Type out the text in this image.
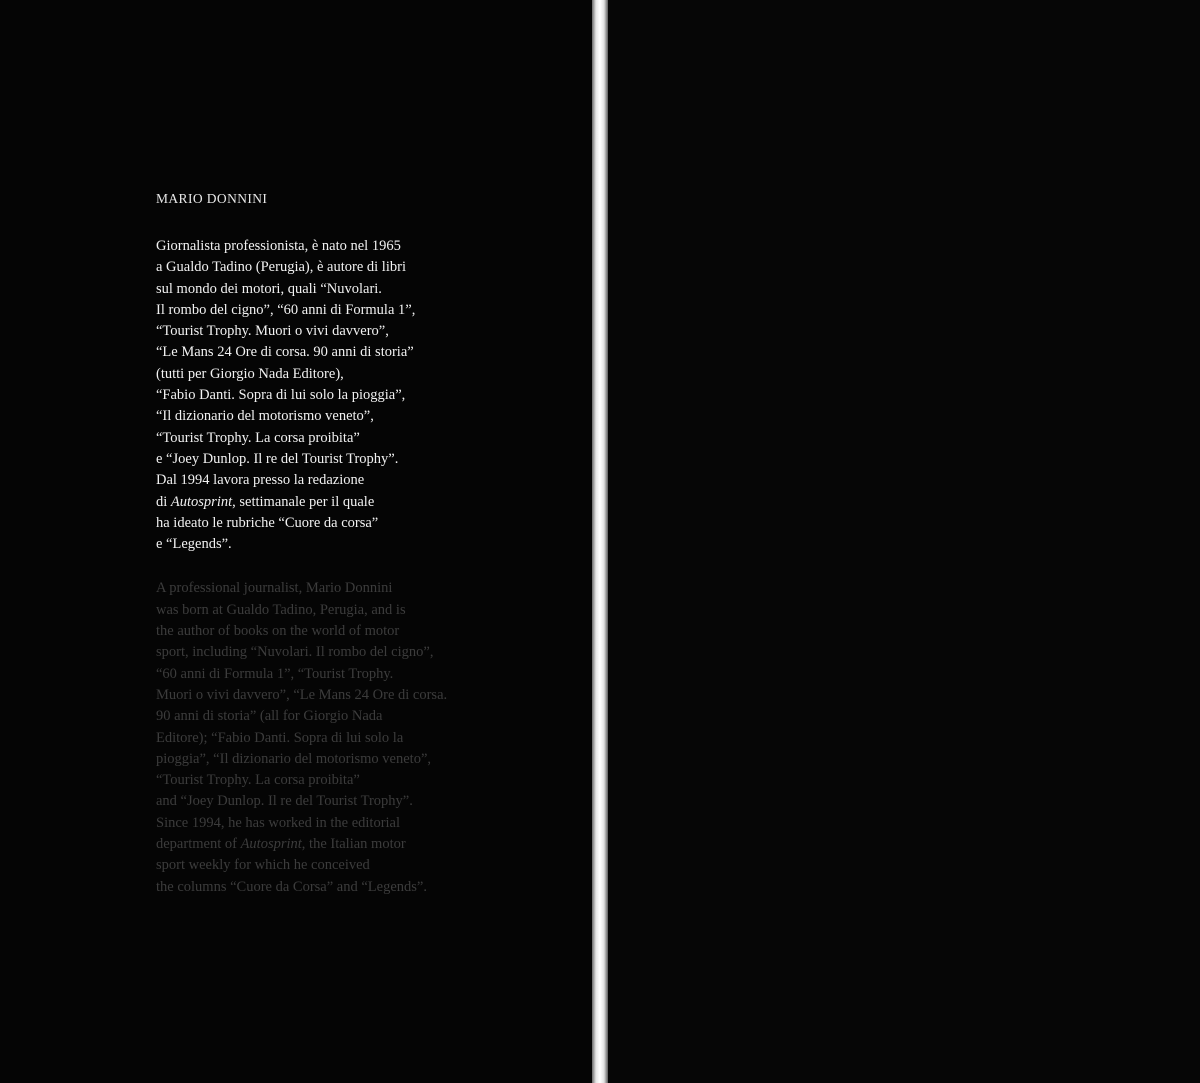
MARIO DONNINI

Giornalista professionista, è nato nel 1965
a Gualdo Tadino (Perugia), è autore di libri
sul mondo dei motori, quali “Nuvolari.
Il rombo del cigno”, “60 anni di Formula 1”,
“Tourist Trophy. Muori o vivi davvero”,
“Le Mans 24 Ore di corsa. 90 anni di storia”
(tutti per Giorgio Nada Editore),
“Fabio Danti. Sopra di lui solo la pioggia”,
“Il dizionario del motorismo veneto”,
“Tourist Trophy. La corsa proibita”
e “Joey Dunlop. Il re del Tourist Trophy”.
Dal 1994 lavora presso la redazione
di Autosprint, settimanale per il quale
ha ideato le rubriche “Cuore da corsa”
e “Legends”.

A professional journalist, Mario Donnini
was born at Gualdo Tadino, Perugia, and is
the author of books on the world of motor
sport, including “Nuvolari. Il rombo del cigno”,
“60 anni di Formula 1”, “Tourist Trophy.
Muori o vivi davvero”, “Le Mans 24 Ore di corsa.
90 anni di storia” (all for Giorgio Nada
Editore); “Fabio Danti. Sopra di lui solo la
pioggia”, “Il dizionario del motorismo veneto”,
“Tourist Trophy. La corsa proibita”
and “Joey Dunlop. Il re del Tourist Trophy”.
Since 1994, he has worked in the editorial
department of Autosprint, the Italian motor
sport weekly for which he conceived
the columns “Cuore da Corsa” and “Legends”.
